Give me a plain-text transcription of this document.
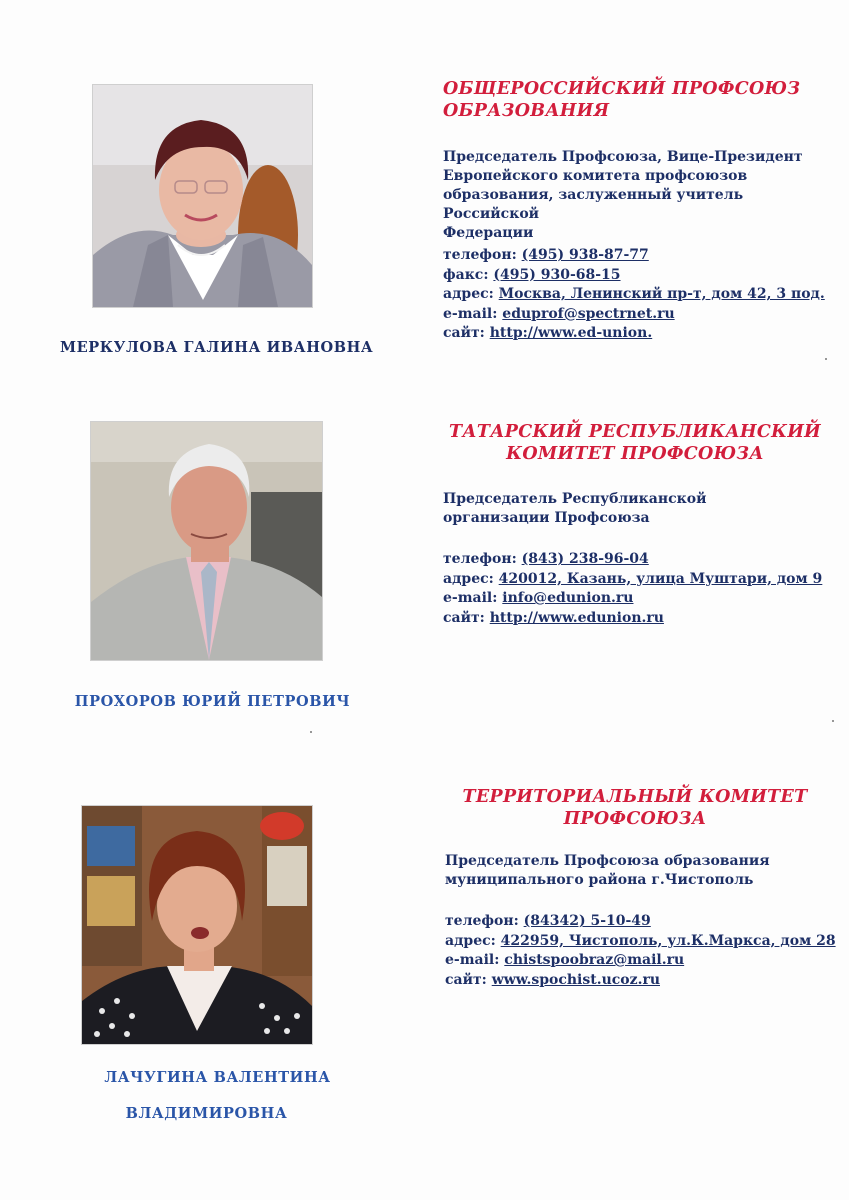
МЕРКУЛОВА ГАЛИНА ИВАНОВНА
ОБЩЕРОССИЙСКИЙ ПРОФСОЮЗ
ОБРАЗОВАНИЯ
Председатель Профсоюза, Вице-Президент
Европейского комитета профсоюзов
образования, заслуженный учитель Российской
Федерации
телефон: (495) 938-87-77
факс: (495) 930-68-15
адрес: Москва, Ленинский пр-т, дом 42, 3 под.
e-mail: eduprof@spectrnet.ru
сайт: http://www.ed-union.
ПРОХОРОВ ЮРИЙ ПЕТРОВИЧ
ТАТАРСКИЙ РЕСПУБЛИКАНСКИЙ
КОМИТЕТ ПРОФСОЮЗА
Председатель Республиканской
организации Профсоюза
телефон: (843) 238-96-04
адрес: 420012, Казань, улица Муштари, дом 9
e-mail: info@edunion.ru
сайт: http://www.edunion.ru
ЛАЧУГИНА ВАЛЕНТИНА
ВЛАДИМИРОВНА
ТЕРРИТОРИАЛЬНЫЙ КОМИТЕТ
ПРОФСОЮЗА
Председатель Профсоюза образования
муниципального района г.Чистополь
телефон: (84342) 5-10-49
адрес: 422959, Чистополь, ул.К.Маркса, дом 28
e-mail: chistspoobraz@mail.ru
сайт: www.spochist.ucoz.ru
